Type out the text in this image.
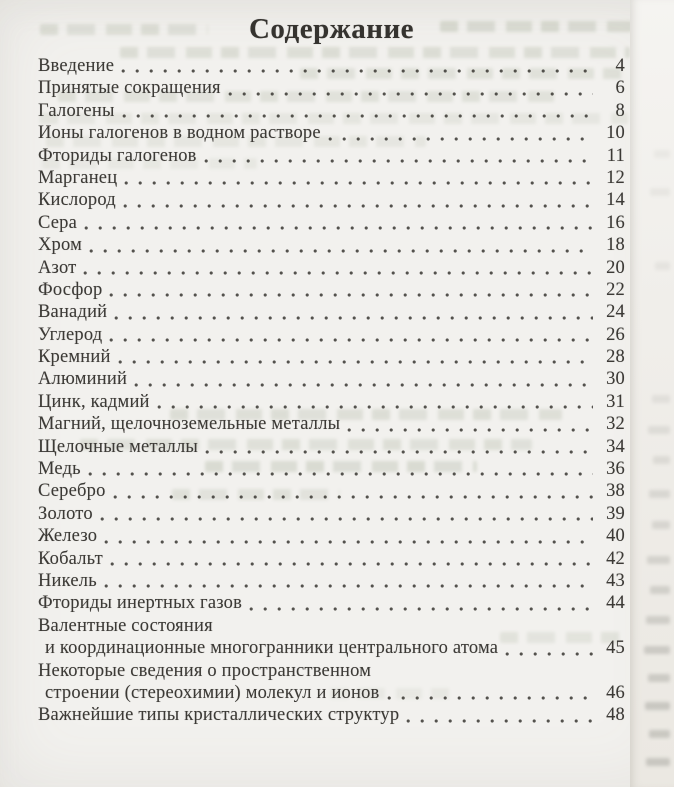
Содержание
Введение	4
Принятые сокращения	6
Галогены	8
Ионы галогенов в водном растворе	10
Фториды галогенов	11
Марганец	12
Кислород	14
Сера	16
Хром	18
Азот	20
Фосфор	22
Ванадий	24
Углерод	26
Кремний	28
Алюминий	30
Цинк, кадмий	31
Магний, щелочноземельные металлы	32
Щелочные металлы	34
Медь	36
Серебро	38
Золото	39
Железо	40
Кобальт	42
Никель	43
Фториды инертных газов	44
Валентные состояния
и координационные многогранники центрального атома	45
Некоторые сведения о пространственном
строении (стереохимии) молекул и ионов	46
Важнейшие типы кристаллических структур	48
